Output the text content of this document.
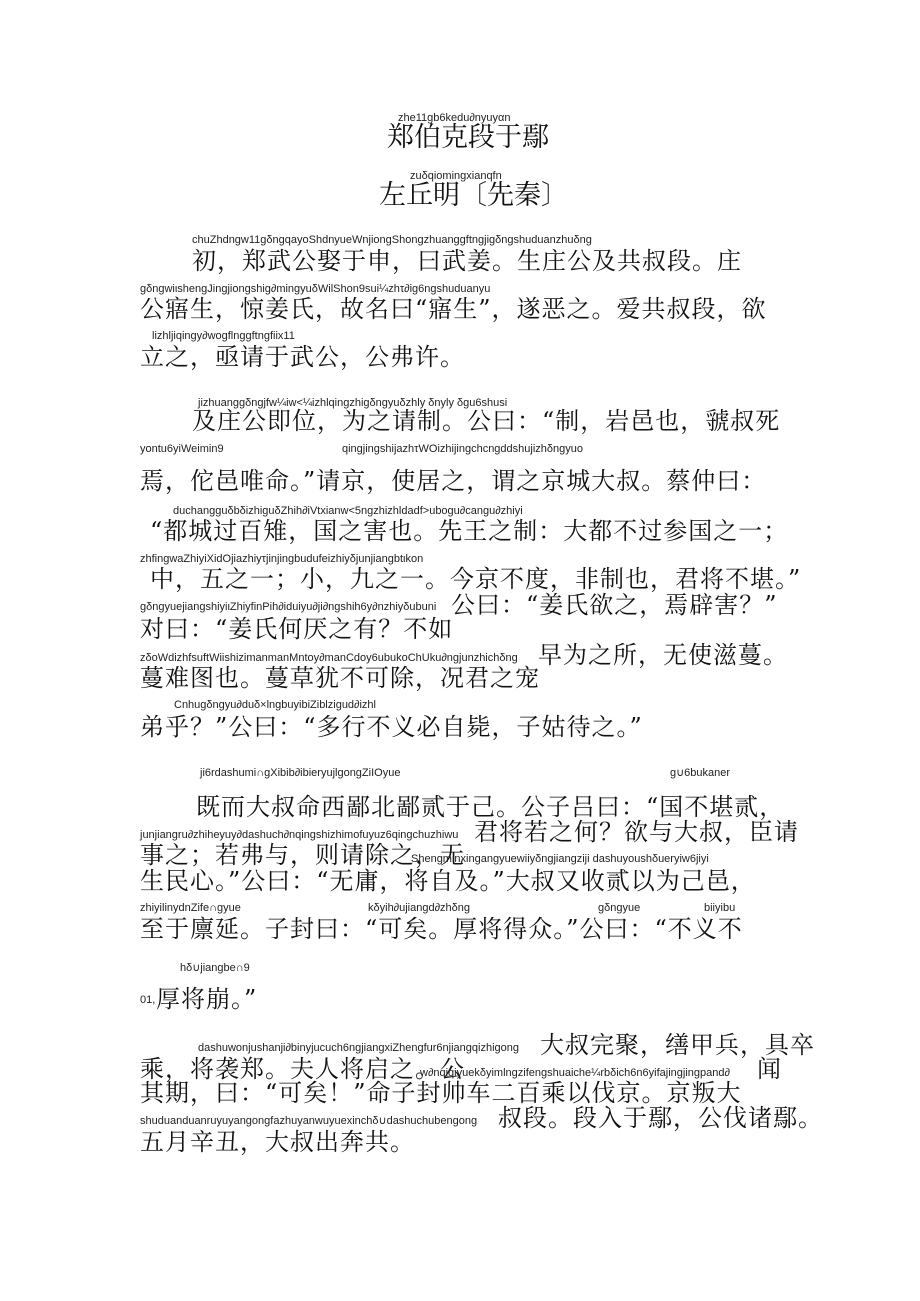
zhe11gb6kedu∂nyuyαn
郑伯克段于鄢
zuδqiomingxianqfn
左丘明〔先秦〕
chuZhdngw11gδngqayoShdnyueWnjiongShongzhuanggftngjigδngshuduanzhuδng
初，郑武公娶于申，曰武姜。生庄公及共叔段。庄
gδngwiιshengJingjiongshig∂mingyuδWilShon9sui¼zhτ∂ig6ngshuduanyu
公寤生，惊姜氏，故名曰“寤生”，遂恶之。爱共叔段，欲
lizhljiqingy∂wogflnggftngfiix11
立之，亟请于武公，公弗许。
jizhuanggδngjfw¼iw<¼izhlqingzhigδngyuδzhly δnyly δgu6shusi
及庄公即位，为之请制。公曰：“制，岩邑也，虢叔死
yontu6yiWeimin9	qingjingshijazhτWOizhijingchcngddshujizhδngyuo
焉，佗邑唯命。”请京，使居之，谓之京城大叔。蔡仲曰：
duchangguδbδizhiguδZhih∂iVtxianw<5ngzhizhldadf>ubogu∂cangu∂zhiyi
“都城过百雉，国之害也。先王之制：大都不过参国之一；
zhfingwaZhiyiXidOjiazhiyτjinjingbudufeizhiyδjunjiangbtιkon
中，五之一；小，九之一。今京不度，非制也，君将不堪。”
gδngyuejiangshiyiιZhiyfinPih∂iduiyu∂ji∂ngshih6y∂nzhiyδubuni 公曰：“姜氏欲之，焉辟害？”
对曰：“姜氏何厌之有？不如
zδoWdizhfsuftWiishizimanmanMntoy∂manCdoy6ubukoChUku∂ngjunzhichδng 早为之所，无使滋蔓。
蔓难图也。蔓草犹不可除，况君之宠
Cnhugδngyu∂duδ×lngbuyibiZiblzigud∂izhl
弟乎？”公曰：“多行不义必自毙，子姑待之。”
ji6rdashumi∩gXibib∂ibieryujlgongZiIOyue	g∪6bukaner
既而大叔命西鄙北鄙贰于己。公子吕曰：“国不堪贰，
junjiangru∂zhiheyuy∂dashuch∂nqingshizhimofuyuz6qingchuzhiwu 君将若之何？欲与大叔，臣请
事之；若弗与，则请除之，无
Shengminxingangyuewiiyδngjiangziji dashuyoushδueryiw6jiyi
生民心。”公曰：“无庸，将自及。”大叔又收贰以为己邑，
zhiyilinydnZife∩gyue	kδyih∂ujiangd∂zhδng	gδngyue	biiyibu
至于廪延。子封曰：“可矣。厚将得众。”公曰：“不义不
hδ∪jiangbe∩9
01, 厚将崩。”
dashuwonjushanji∂binyjucuch6ngjiangxiZhengfur6njiangqizhigong 大叔完聚，缮甲兵，具卒
乘，将袭郑。夫人将启之。公
w∂nqiqiyuekδyimlngzifengshuaiche¼rbδich6n6yifajingjingpand∂ 闻
其期，曰：“可矣！”命子封帅车二百乘以伐京。京叛大
shuduanduanruyuyangongfazhuyanwuyuexinchδ∪dashuchubengong 叔段。段入于鄢，公伐诸鄢。
五月辛丑，大叔出奔共。
